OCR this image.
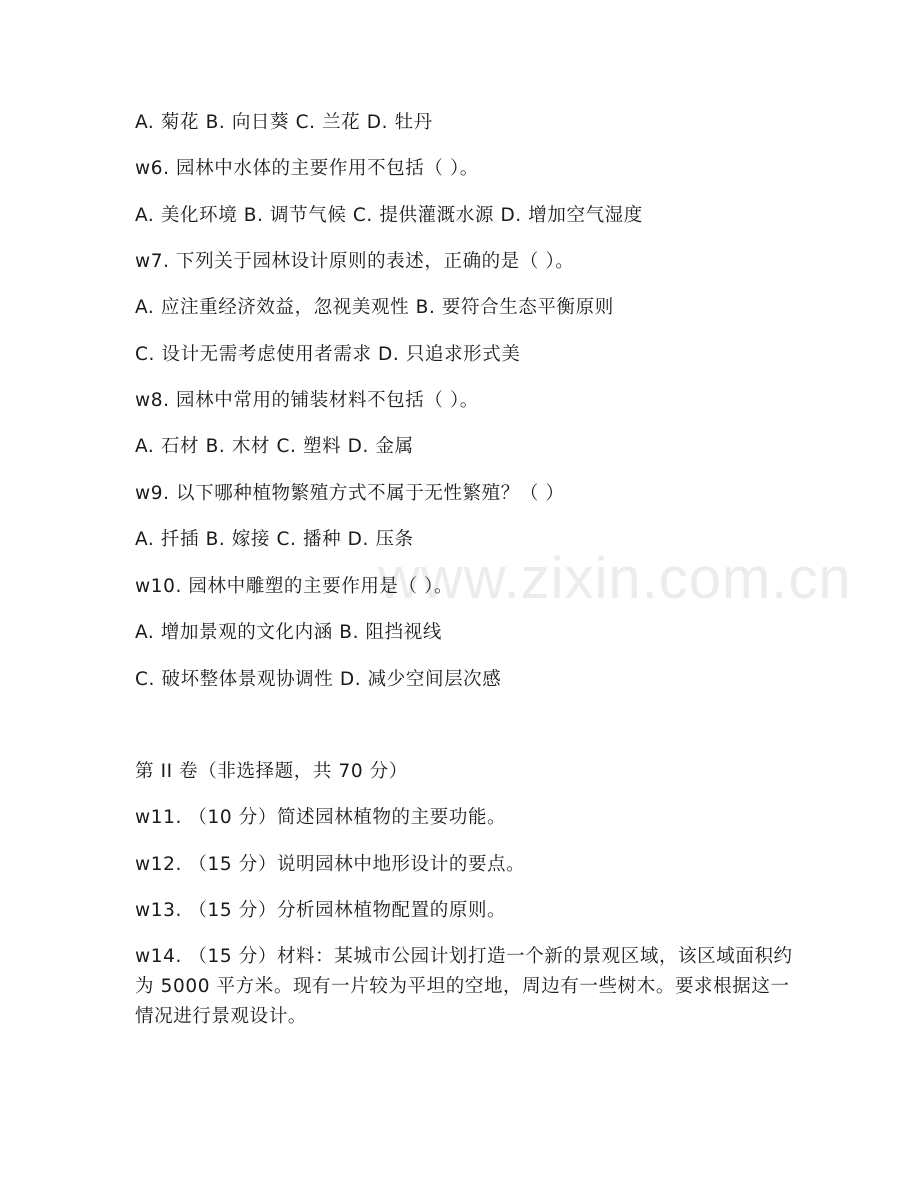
www.zixin.com.cn
A. 菊花 B. 向日葵 C. 兰花 D. 牡丹
w6. 园林中水体的主要作用不包括（ ）。
A. 美化环境 B. 调节气候 C. 提供灌溉水源 D. 增加空气湿度
w7. 下列关于园林设计原则的表述，正确的是（ ）。
A. 应注重经济效益，忽视美观性 B. 要符合生态平衡原则
C. 设计无需考虑使用者需求 D. 只追求形式美
w8. 园林中常用的铺装材料不包括（ ）。
A. 石材 B. 木材 C. 塑料 D. 金属
w9. 以下哪种植物繁殖方式不属于无性繁殖？（ ）
A. 扦插 B. 嫁接 C. 播种 D. 压条
w10. 园林中雕塑的主要作用是（ ）。
A. 增加景观的文化内涵 B. 阻挡视线
C. 破坏整体景观协调性 D. 减少空间层次感
第 II 卷（非选择题，共 70 分）
w11. （10 分）简述园林植物的主要功能。
w12. （15 分）说明园林中地形设计的要点。
w13. （15 分）分析园林植物配置的原则。
w14. （15 分）材料：某城市公园计划打造一个新的景观区域，该区域面积约为 5000 平方米。现有一片较为平坦的空地，周边有一些树木。要求根据这一情况进行景观设计。
